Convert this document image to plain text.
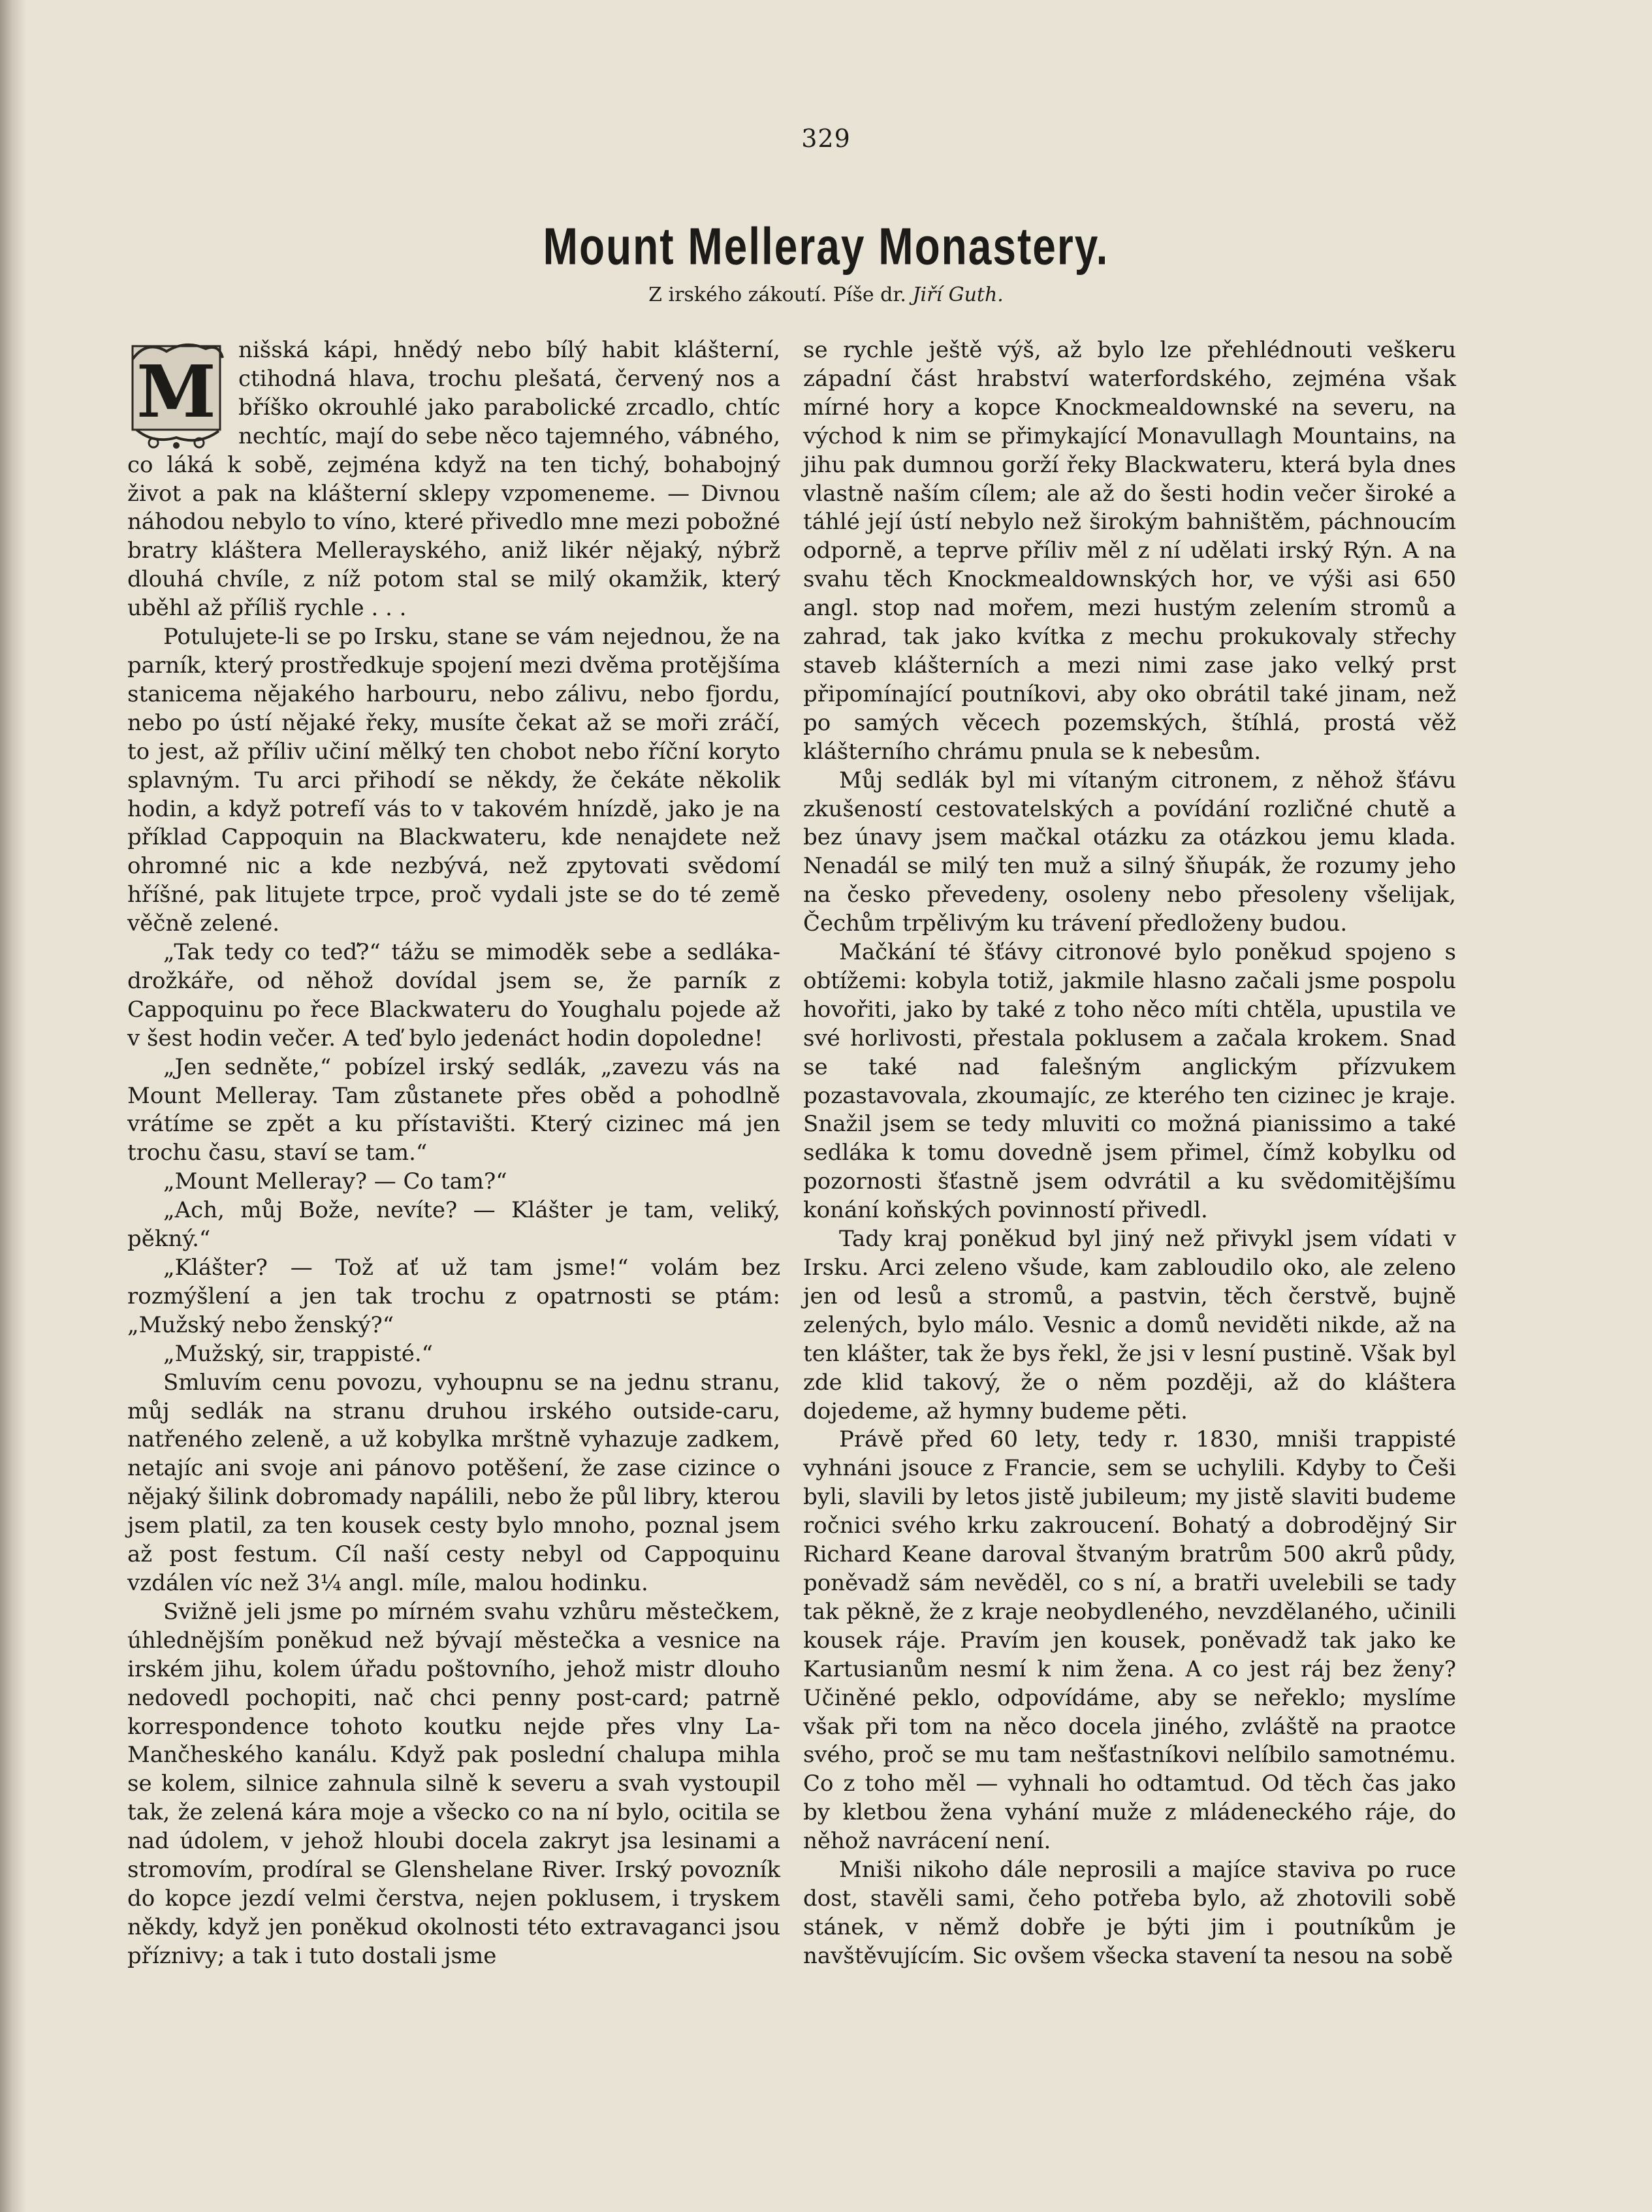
329
Mount Melleray Monastery.
Z irského zákoutí. Píše dr. Jiří Guth.
M	nišská kápi, hnědý nebo bílý habit klášterní, ctihodná hlava, trochu plešatá, červený nos a bříško okrouhlé jako parabolické zrcadlo, chtíc nechtíc, mají do sebe něco tajemného, vábného, co láká k sobě, zejména když na ten tichý, bohabojný život a pak na klášterní sklepy vzpomeneme. — Divnou náhodou nebylo to víno, které přivedlo mne mezi pobožné bratry kláštera Mellerayského, aniž likér nějaký, nýbrž dlouhá chvíle, z níž potom stal se milý okamžik, který uběhl až příliš rychle . . .

Potulujete-li se po Irsku, stane se vám nejednou, že na parník, který prostředkuje spojení mezi dvěma protějšíma stanicema nějakého harbouru, nebo zálivu, nebo fjordu, nebo po ústí nějaké řeky, musíte čekat až se moři zráčí, to jest, až příliv učiní mělký ten chobot nebo říční koryto splavným. Tu arci přihodí se někdy, že čekáte několik hodin, a když potrefí vás to v takovém hnízdě, jako je na příklad Cappoquin na Blackwateru, kde nenajdete než ohromné nic a kde nezbývá, než zpytovati svědomí hříšné, pak litujete trpce, proč vydali jste se do té země věčně zelené.

„Tak tedy co teď?“ tážu se mimoděk sebe a sedláka-drožkáře, od něhož dovídal jsem se, že parník z Cappoquinu po řece Blackwateru do Youghalu pojede až v šest hodin večer. A teď bylo jedenáct hodin dopoledne!

„Jen sedněte,“ pobízel irský sedlák, „zavezu vás na Mount Melleray. Tam zůstanete přes oběd a pohodlně vrátíme se zpět a ku přístavišti. Který cizinec má jen trochu času, staví se tam.“

„Mount Melleray? — Co tam?“

„Ach, můj Bože, nevíte? — Klášter je tam, veliký, pěkný.“

„Klášter? — Tož ať už tam jsme!“ volám bez rozmýšlení a jen tak trochu z opatrnosti se ptám: „Mužský nebo ženský?“

„Mužský, sir, trappisté.“

Smluvím cenu povozu, vyhoupnu se na jednu stranu, můj sedlák na stranu druhou irského outside-caru, natřeného zeleně, a už kobylka mrštně vyhazuje zadkem, netajíc ani svoje ani pánovo potěšení, že zase cizince o nějaký šilink dobromady napálili, nebo že půl libry, kterou jsem platil, za ten kousek cesty bylo mnoho, poznal jsem až post festum. Cíl naší cesty nebyl od Cappoquinu vzdálen víc než 3¼ angl. míle, malou hodinku.

Svižně jeli jsme po mírném svahu vzhůru městečkem, úhlednějším poněkud než bývají městečka a vesnice na irském jihu, kolem úřadu poštovního, jehož mistr dlouho nedovedl pochopiti, nač chci penny post-card; patrně korrespondence tohoto koutku nejde přes vlny La-Mančheského kanálu. Když pak poslední chalupa mihla se kolem, silnice zahnula silně k severu a svah vystoupil tak, že zelená kára moje a všecko co na ní bylo, ocitila se nad údolem, v jehož hloubi docela zakryt jsa lesinami a stromovím, prodíral se Glenshelane River. Irský povozník do kopce jezdí velmi čerstva, nejen poklusem, i tryskem někdy, když jen poněkud okolnosti této extravaganci jsou příznivy; a tak i tuto dostali jsme

se rychle ještě výš, až bylo lze přehlédnouti veškeru západní část hrabství waterfordského, zejména však mírné hory a kopce Knockmealdownské na severu, na východ k nim se přimykající Monavullagh Mountains, na jihu pak dumnou gorží řeky Blackwateru, která byla dnes vlastně naším cílem; ale až do šesti hodin večer široké a táhlé její ústí nebylo než širokým bahništěm, páchnoucím odporně, a teprve příliv měl z ní udělati irský Rýn. A na svahu těch Knockmealdownských hor, ve výši asi 650 angl. stop nad mořem, mezi hustým zelením stromů a zahrad, tak jako kvítka z mechu prokukovaly střechy staveb klášterních a mezi nimi zase jako velký prst připomínající poutníkovi, aby oko obrátil také jinam, než po samých věcech pozemských, štíhlá, prostá věž klášterního chrámu pnula se k nebesům.

Můj sedlák byl mi vítaným citronem, z něhož šťávu zkušeností cestovatelských a povídání rozličné chutě a bez únavy jsem mačkal otázku za otázkou jemu klada. Nenadál se milý ten muž a silný šňupák, že rozumy jeho na česko převedeny, osoleny nebo přesoleny všelijak, Čechům trpělivým ku trávení předloženy budou.

Mačkání té šťávy citronové bylo poněkud spojeno s obtížemi: kobyla totiž, jakmile hlasno začali jsme pospolu hovořiti, jako by také z toho něco míti chtěla, upustila ve své horlivosti, přestala poklusem a začala krokem. Snad se také nad falešným anglickým přízvukem pozastavovala, zkoumajíc, ze kterého ten cizinec je kraje. Snažil jsem se tedy mluviti co možná pianissimo a také sedláka k tomu dovedně jsem přimel, čímž kobylku od pozornosti šťastně jsem odvrátil a ku svědomitějšímu konání koňských povinností přivedl.

Tady kraj poněkud byl jiný než přivykl jsem vídati v Irsku. Arci zeleno všude, kam zabloudilo oko, ale zeleno jen od lesů a stromů, a pastvin, těch čerstvě, bujně zelených, bylo málo. Vesnic a domů neviděti nikde, až na ten klášter, tak že bys řekl, že jsi v lesní pustině. Však byl zde klid takový, že o něm později, až do kláštera dojedeme, až hymny budeme pěti.

Právě před 60 lety, tedy r. 1830, mniši trappisté vyhnáni jsouce z Francie, sem se uchylili. Kdyby to Češi byli, slavili by letos jistě jubileum; my jistě slaviti budeme ročnici svého krku zakroucení. Bohatý a dobrodějný Sir Richard Keane daroval štvaným bratrům 500 akrů půdy, poněvadž sám nevěděl, co s ní, a bratři uvelebili se tady tak pěkně, že z kraje neobydleného, nevzdělaného, učinili kousek ráje. Pravím jen kousek, poněvadž tak jako ke Kartusianům nesmí k nim žena. A co jest ráj bez ženy? Učiněné peklo, odpovídáme, aby se neřeklo; myslíme však při tom na něco docela jiného, zvláště na praotce svého, proč se mu tam nešťastníkovi nelíbilo samotnému. Co z toho měl — vyhnali ho odtamtud. Od těch čas jako by kletbou žena vyhání muže z mládeneckého ráje, do něhož navrácení není.

Mniši nikoho dále neprosili a majíce staviva po ruce dost, stavěli sami, čeho potřeba bylo, až zhotovili sobě stánek, v němž dobře je býti jim i poutníkům je navštěvujícím. Sic ovšem všecka stavení ta nesou na sobě
